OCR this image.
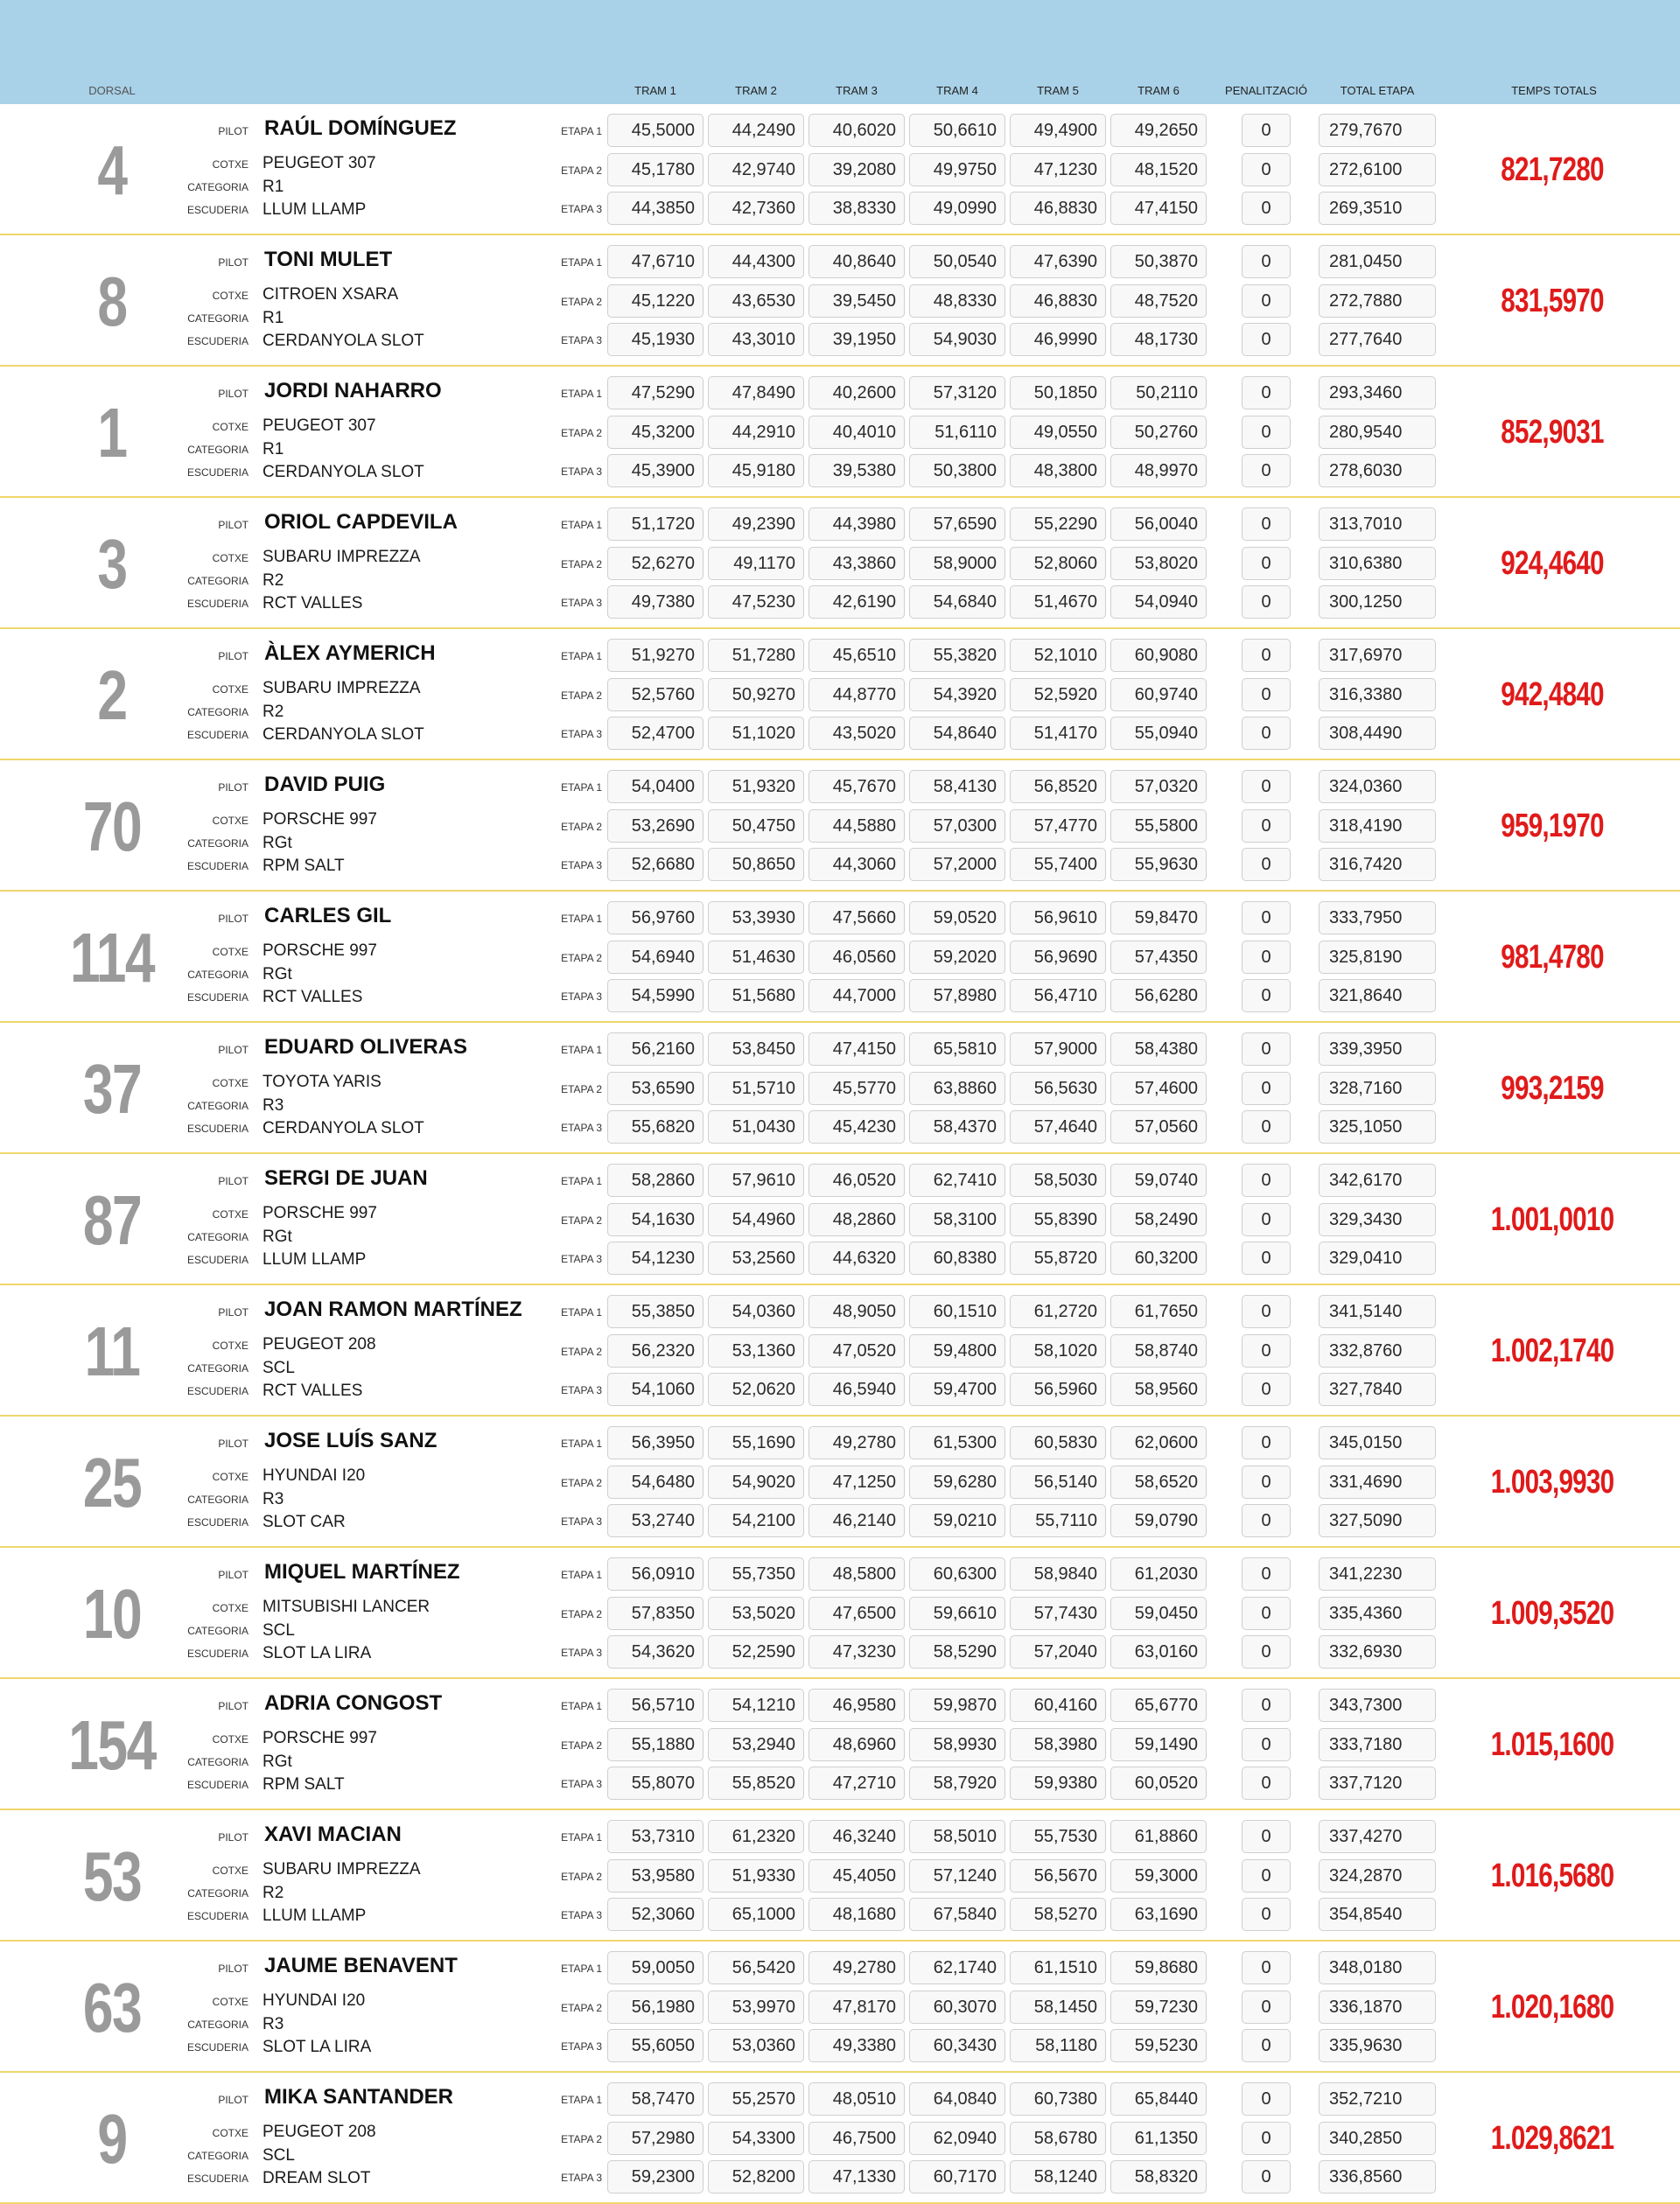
DORSAL	TRAM 1	TRAM 2	TRAM 3	TRAM 4	TRAM 5	TRAM 6	PENALITZACIÓ	TOTAL ETAPA	TEMPS TOTALS
4	PILOT RAÚL DOMÍNGUEZ
COTXE PEUGEOT 307
CATEGORIA R1
ESCUDERIA LLUM LLAMP
ETAPA 1	45,5000	44,2490	40,6020	50,6610	49,4900	49,2650	0	279,7670
ETAPA 2	45,1780	42,9740	39,2080	49,9750	47,1230	48,1520	0	272,6100
ETAPA 3	44,3850	42,7360	38,8330	49,0990	46,8830	47,4150	0	269,3510
821,7280
8	PILOT TONI MULET
COTXE CITROEN XSARA
CATEGORIA R1
ESCUDERIA CERDANYOLA SLOT
ETAPA 1	47,6710	44,4300	40,8640	50,0540	47,6390	50,3870	0	281,0450
ETAPA 2	45,1220	43,6530	39,5450	48,8330	46,8830	48,7520	0	272,7880
ETAPA 3	45,1930	43,3010	39,1950	54,9030	46,9990	48,1730	0	277,7640
831,5970
1	PILOT JORDI NAHARRO
COTXE PEUGEOT 307
CATEGORIA R1
ESCUDERIA CERDANYOLA SLOT
ETAPA 1	47,5290	47,8490	40,2600	57,3120	50,1850	50,2110	0	293,3460
ETAPA 2	45,3200	44,2910	40,4010	51,6110	49,0550	50,2760	0	280,9540
ETAPA 3	45,3900	45,9180	39,5380	50,3800	48,3800	48,9970	0	278,6030
852,9031
3	PILOT ORIOL CAPDEVILA
COTXE SUBARU IMPREZZA
CATEGORIA R2
ESCUDERIA RCT VALLES
ETAPA 1	51,1720	49,2390	44,3980	57,6590	55,2290	56,0040	0	313,7010
ETAPA 2	52,6270	49,1170	43,3860	58,9000	52,8060	53,8020	0	310,6380
ETAPA 3	49,7380	47,5230	42,6190	54,6840	51,4670	54,0940	0	300,1250
924,4640
2	PILOT ÀLEX AYMERICH
COTXE SUBARU IMPREZZA
CATEGORIA R2
ESCUDERIA CERDANYOLA SLOT
ETAPA 1	51,9270	51,7280	45,6510	55,3820	52,1010	60,9080	0	317,6970
ETAPA 2	52,5760	50,9270	44,8770	54,3920	52,5920	60,9740	0	316,3380
ETAPA 3	52,4700	51,1020	43,5020	54,8640	51,4170	55,0940	0	308,4490
942,4840
70	PILOT DAVID PUIG
COTXE PORSCHE 997
CATEGORIA RGt
ESCUDERIA RPM SALT
ETAPA 1	54,0400	51,9320	45,7670	58,4130	56,8520	57,0320	0	324,0360
ETAPA 2	53,2690	50,4750	44,5880	57,0300	57,4770	55,5800	0	318,4190
ETAPA 3	52,6680	50,8650	44,3060	57,2000	55,7400	55,9630	0	316,7420
959,1970
114	PILOT CARLES GIL
COTXE PORSCHE 997
CATEGORIA RGt
ESCUDERIA RCT VALLES
ETAPA 1	56,9760	53,3930	47,5660	59,0520	56,9610	59,8470	0	333,7950
ETAPA 2	54,6940	51,4630	46,0560	59,2020	56,9690	57,4350	0	325,8190
ETAPA 3	54,5990	51,5680	44,7000	57,8980	56,4710	56,6280	0	321,8640
981,4780
37	PILOT EDUARD OLIVERAS
COTXE TOYOTA YARIS
CATEGORIA R3
ESCUDERIA CERDANYOLA SLOT
ETAPA 1	56,2160	53,8450	47,4150	65,5810	57,9000	58,4380	0	339,3950
ETAPA 2	53,6590	51,5710	45,5770	63,8860	56,5630	57,4600	0	328,7160
ETAPA 3	55,6820	51,0430	45,4230	58,4370	57,4640	57,0560	0	325,1050
993,2159
87	PILOT SERGI DE JUAN
COTXE PORSCHE 997
CATEGORIA RGt
ESCUDERIA LLUM LLAMP
ETAPA 1	58,2860	57,9610	46,0520	62,7410	58,5030	59,0740	0	342,6170
ETAPA 2	54,1630	54,4960	48,2860	58,3100	55,8390	58,2490	0	329,3430
ETAPA 3	54,1230	53,2560	44,6320	60,8380	55,8720	60,3200	0	329,0410
1.001,0010
11	PILOT JOAN RAMON MARTÍNEZ
COTXE PEUGEOT 208
CATEGORIA SCL
ESCUDERIA RCT VALLES
ETAPA 1	55,3850	54,0360	48,9050	60,1510	61,2720	61,7650	0	341,5140
ETAPA 2	56,2320	53,1360	47,0520	59,4800	58,1020	58,8740	0	332,8760
ETAPA 3	54,1060	52,0620	46,5940	59,4700	56,5960	58,9560	0	327,7840
1.002,1740
25	PILOT JOSE LUÍS SANZ
COTXE HYUNDAI I20
CATEGORIA R3
ESCUDERIA SLOT CAR
ETAPA 1	56,3950	55,1690	49,2780	61,5300	60,5830	62,0600	0	345,0150
ETAPA 2	54,6480	54,9020	47,1250	59,6280	56,5140	58,6520	0	331,4690
ETAPA 3	53,2740	54,2100	46,2140	59,0210	55,7110	59,0790	0	327,5090
1.003,9930
10	PILOT MIQUEL MARTÍNEZ
COTXE MITSUBISHI LANCER
CATEGORIA SCL
ESCUDERIA SLOT LA LIRA
ETAPA 1	56,0910	55,7350	48,5800	60,6300	58,9840	61,2030	0	341,2230
ETAPA 2	57,8350	53,5020	47,6500	59,6610	57,7430	59,0450	0	335,4360
ETAPA 3	54,3620	52,2590	47,3230	58,5290	57,2040	63,0160	0	332,6930
1.009,3520
154	PILOT ADRIA CONGOST
COTXE PORSCHE 997
CATEGORIA RGt
ESCUDERIA RPM SALT
ETAPA 1	56,5710	54,1210	46,9580	59,9870	60,4160	65,6770	0	343,7300
ETAPA 2	55,1880	53,2940	48,6960	58,9930	58,3980	59,1490	0	333,7180
ETAPA 3	55,8070	55,8520	47,2710	58,7920	59,9380	60,0520	0	337,7120
1.015,1600
53	PILOT XAVI MACIAN
COTXE SUBARU IMPREZZA
CATEGORIA R2
ESCUDERIA LLUM LLAMP
ETAPA 1	53,7310	61,2320	46,3240	58,5010	55,7530	61,8860	0	337,4270
ETAPA 2	53,9580	51,9330	45,4050	57,1240	56,5670	59,3000	0	324,2870
ETAPA 3	52,3060	65,1000	48,1680	67,5840	58,5270	63,1690	0	354,8540
1.016,5680
63	PILOT JAUME BENAVENT
COTXE HYUNDAI I20
CATEGORIA R3
ESCUDERIA SLOT LA LIRA
ETAPA 1	59,0050	56,5420	49,2780	62,1740	61,1510	59,8680	0	348,0180
ETAPA 2	56,1980	53,9970	47,8170	60,3070	58,1450	59,7230	0	336,1870
ETAPA 3	55,6050	53,0360	49,3380	60,3430	58,1180	59,5230	0	335,9630
1.020,1680
9	PILOT MIKA SANTANDER
COTXE PEUGEOT 208
CATEGORIA SCL
ESCUDERIA DREAM SLOT
ETAPA 1	58,7470	55,2570	48,0510	64,0840	60,7380	65,8440	0	352,7210
ETAPA 2	57,2980	54,3300	46,7500	62,0940	58,6780	61,1350	0	340,2850
ETAPA 3	59,2300	52,8200	47,1330	60,7170	58,1240	58,8320	0	336,8560
1.029,8621
